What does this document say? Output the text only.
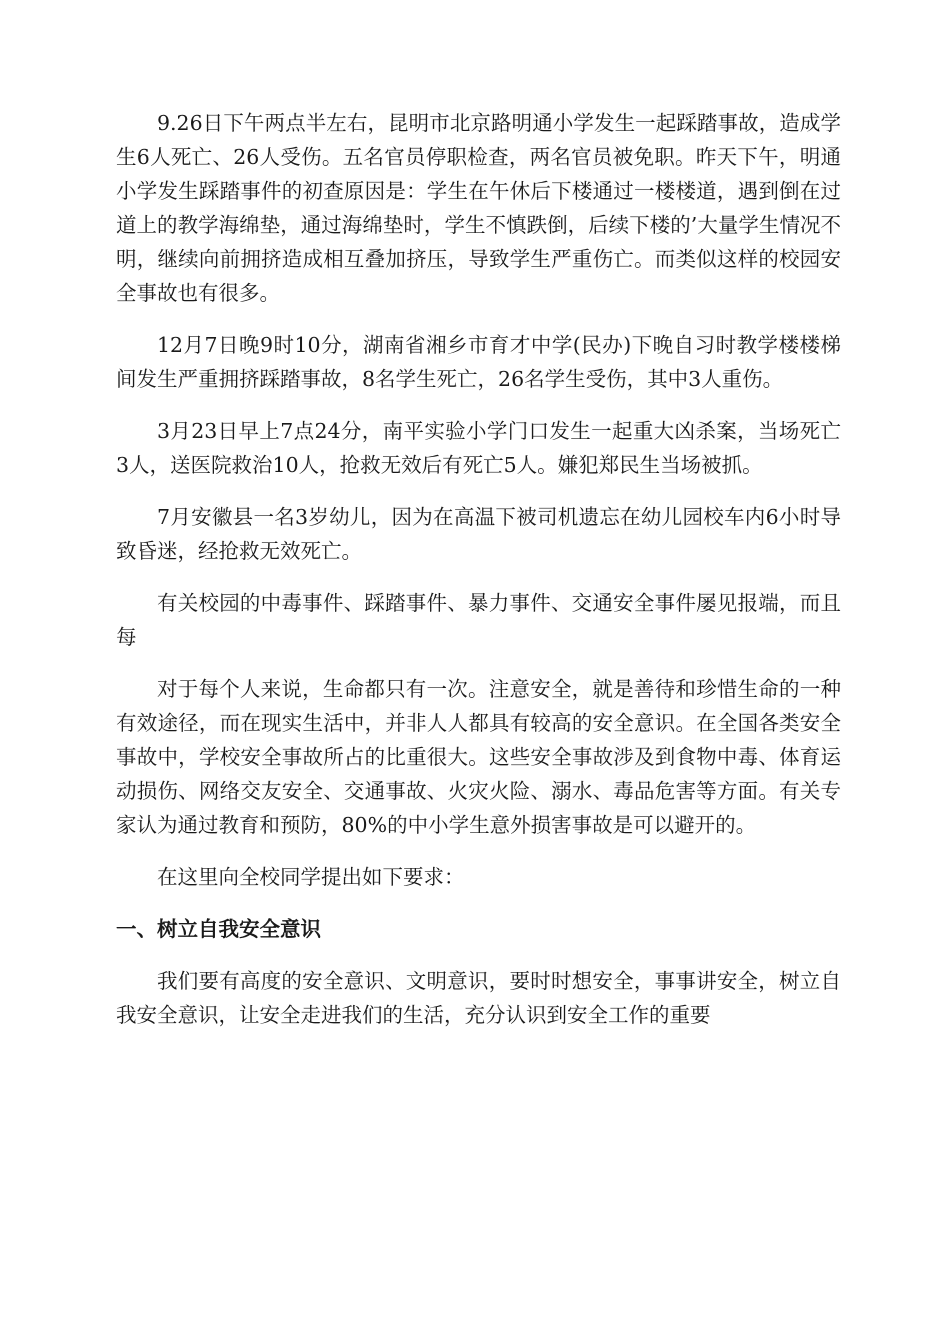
9.26日下午两点半左右，昆明市北京路明通小学发生一起踩踏事故，造成学生6人死亡、26人受伤。五名官员停职检查，两名官员被免职。昨天下午，明通小学发生踩踏事件的初查原因是：学生在午休后下楼通过一楼楼道，遇到倒在过道上的教学海绵垫，通过海绵垫时，学生不慎跌倒，后续下楼的’大量学生情况不明，继续向前拥挤造成相互叠加挤压，导致学生严重伤亡。而类似这样的校园安全事故也有很多。

12月7日晚9时10分，湖南省湘乡市育才中学(民办)下晚自习时教学楼楼梯间发生严重拥挤踩踏事故，8名学生死亡，26名学生受伤，其中3人重伤。

3月23日早上7点24分，南平实验小学门口发生一起重大凶杀案，当场死亡3人，送医院救治10人，抢救无效后有死亡5人。嫌犯郑民生当场被抓。

7月安徽县一名3岁幼儿，因为在高温下被司机遗忘在幼儿园校车内6小时导致昏迷，经抢救无效死亡。

有关校园的中毒事件、踩踏事件、暴力事件、交通安全事件屡见报端，而且每

对于每个人来说，生命都只有一次。注意安全，就是善待和珍惜生命的一种有效途径，而在现实生活中，并非人人都具有较高的安全意识。在全国各类安全事故中，学校安全事故所占的比重很大。这些安全事故涉及到食物中毒、体育运动损伤、网络交友安全、交通事故、火灾火险、溺水、毒品危害等方面。有关专家认为通过教育和预防，80%的中小学生意外损害事故是可以避开的。

在这里向全校同学提出如下要求：

一、树立自我安全意识

我们要有高度的安全意识、文明意识，要时时想安全，事事讲安全，树立自我安全意识，让安全走进我们的生活，充分认识到安全工作的重要
